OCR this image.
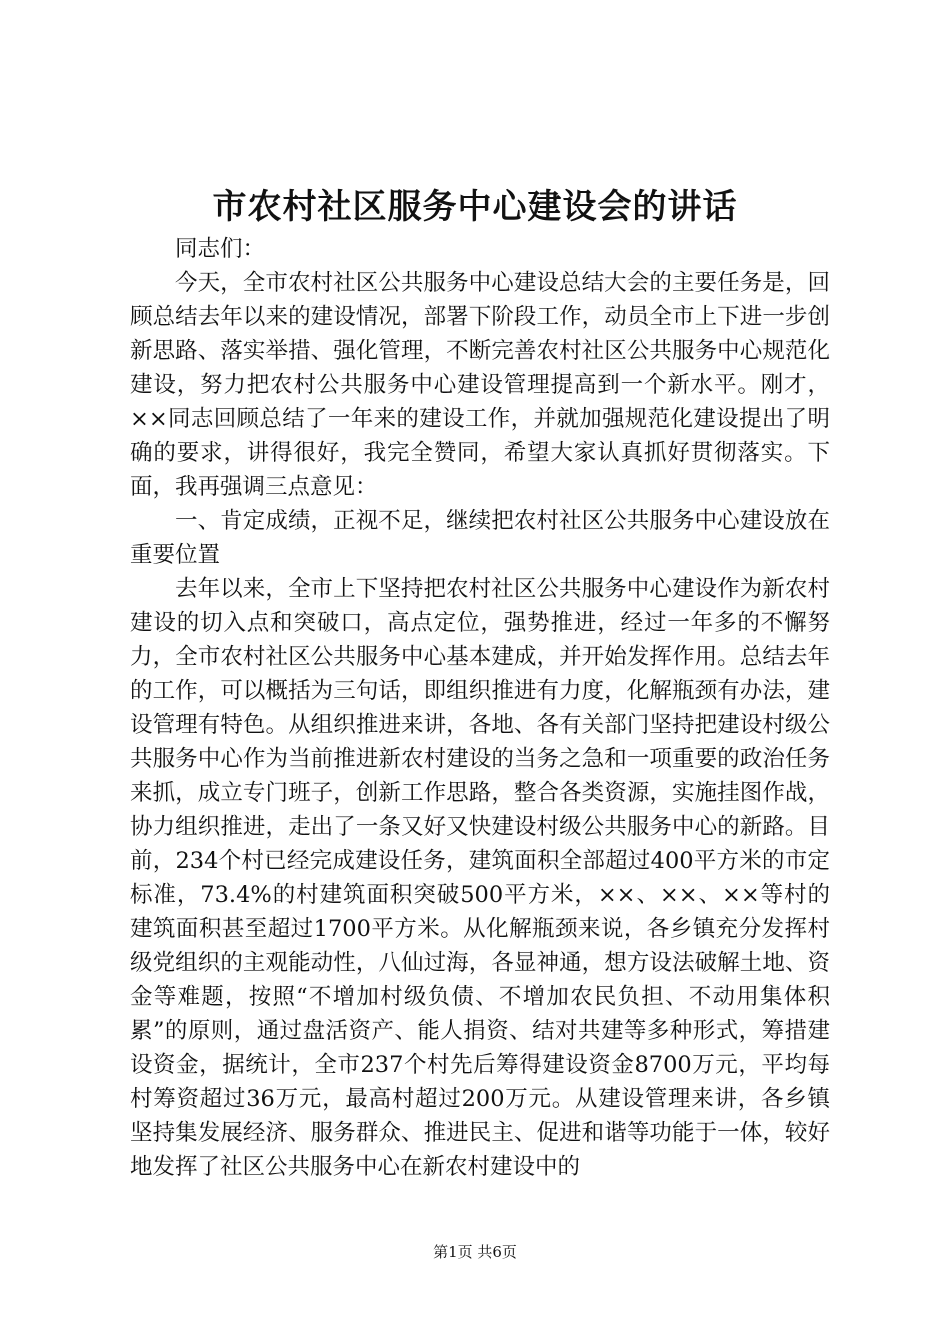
市农村社区服务中心建设会的讲话

同志们：

今天，全市农村社区公共服务中心建设总结大会的主要任务是，回顾总结去年以来的建设情况，部署下阶段工作，动员全市上下进一步创新思路、落实举措、强化管理，不断完善农村社区公共服务中心规范化建设，努力把农村公共服务中心建设管理提高到一个新水平。刚才，××同志回顾总结了一年来的建设工作，并就加强规范化建设提出了明确的要求，讲得很好，我完全赞同，希望大家认真抓好贯彻落实。下面，我再强调三点意见：

一、肯定成绩，正视不足，继续把农村社区公共服务中心建设放在重要位置

去年以来，全市上下坚持把农村社区公共服务中心建设作为新农村建设的切入点和突破口，高点定位，强势推进，经过一年多的不懈努力，全市农村社区公共服务中心基本建成，并开始发挥作用。总结去年的工作，可以概括为三句话，即组织推进有力度，化解瓶颈有办法，建设管理有特色。从组织推进来讲，各地、各有关部门坚持把建设村级公共服务中心作为当前推进新农村建设的当务之急和一项重要的政治任务来抓，成立专门班子，创新工作思路，整合各类资源，实施挂图作战，协力组织推进，走出了一条又好又快建设村级公共服务中心的新路。目前，234个村已经完成建设任务，建筑面积全部超过400平方米的市定标准，73.4%的村建筑面积突破500平方米，××、××、××等村的建筑面积甚至超过1700平方米。从化解瓶颈来说，各乡镇充分发挥村级党组织的主观能动性，八仙过海，各显神通，想方设法破解土地、资金等难题，按照“不增加村级负债、不增加农民负担、不动用集体积累”的原则，通过盘活资产、能人捐资、结对共建等多种形式，筹措建设资金，据统计，全市237个村先后筹得建设资金8700万元，平均每村筹资超过36万元，最高村超过200万元。从建设管理来讲，各乡镇坚持集发展经济、服务群众、推进民主、促进和谐等功能于一体，较好地发挥了社区公共服务中心在新农村建设中的

第1页 共6页
